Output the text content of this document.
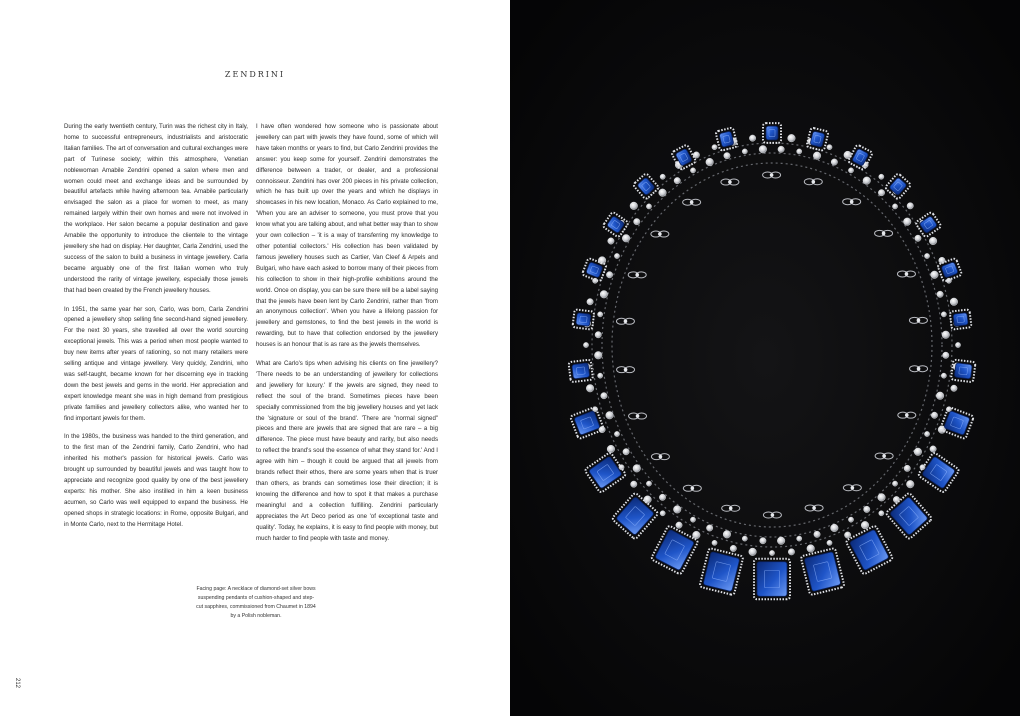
ZENDRINI

During the early twentieth century, Turin was the richest city in Italy, home to successful entrepreneurs, industrialists and aristocratic Italian families. The art of conversation and cultural exchanges were part of Turinese society; within this atmosphere, Venetian noblewoman Amabile Zendrini opened a salon where men and women could meet and exchange ideas and be surrounded by beautiful artefacts while having afternoon tea. Amabile particularly envisaged the salon as a place for women to meet, as many remained largely within their own homes and were not involved in the workplace. Her salon became a popular destination and gave Amabile the opportunity to introduce the clientele to the vintage jewellery she had on display. Her daughter, Carla Zendrini, used the success of the salon to build a business in vintage jewellery. Carla became arguably one of the first Italian women who truly understood the rarity of vintage jewellery, especially those jewels that had been created by the French jewellery houses.

In 1951, the same year her son, Carlo, was born, Carla Zendrini opened a jewellery shop selling fine second-hand signed jewellery. For the next 30 years, she travelled all over the world sourcing exceptional jewels. This was a period when most people wanted to buy new items after years of rationing, so not many retailers were selling antique and vintage jewellery. Very quickly, Zendrini, who was self-taught, became known for her discerning eye in tracking down the best jewels and gems in the world. Her appreciation and expert knowledge meant she was in high demand from prestigious private families and jewellery collectors alike, who wanted her to find important jewels for them.

In the 1980s, the business was handed to the third generation, and to the first man of the Zendrini family, Carlo Zendrini, who had inherited his mother's passion for historical jewels. Carlo was brought up surrounded by beautiful jewels and was taught how to appreciate and recognize good quality by one of the best jewellery experts: his mother. She also instilled in him a keen business acumen, so Carlo was well equipped to expand the business. He opened shops in strategic locations: in Rome, opposite Bulgari, and in Monte Carlo, next to the Hermitage Hotel.

I have often wondered how someone who is passionate about jewellery can part with jewels they have found, some of which will have taken months or years to find, but Carlo Zendrini provides the answer: you keep some for yourself. Zendrini demonstrates the difference between a trader, or dealer, and a professional connoisseur. Zendrini has over 200 pieces in his private collection, which he has built up over the years and which he displays in showcases in his new location, Monaco. As Carlo explained to me, 'When you are an adviser to someone, you must prove that you know what you are talking about, and what better way than to show your own collection – 'it is a way of transferring my knowledge to other potential collectors.' His collection has been validated by famous jewellery houses such as Cartier, Van Cleef & Arpels and Bulgari, who have each asked to borrow many of their pieces from his collection to show in their high-profile exhibitions around the world. Once on display, you can be sure there will be a label saying that the jewels have been lent by Carlo Zendrini, rather than 'from an anonymous collection'. When you have a lifelong passion for jewellery and gemstones, to find the best jewels in the world is rewarding, but to have that collection endorsed by the jewellery houses is an honour that is as rare as the jewels themselves.

What are Carlo's tips when advising his clients on fine jewellery? 'There needs to be an understanding of jewellery for collections and jewellery for luxury.' If the jewels are signed, they need to reflect the soul of the brand. Sometimes pieces have been specially commissioned from the big jewellery houses and yet lack the 'signature or soul of the brand'. 'There are "normal signed" pieces and there are jewels that are signed that are rare – a big difference. The piece must have beauty and rarity, but also needs to reflect the brand's soul the essence of what they stand for.' And I agree with him – though it could be argued that all jewels from brands reflect their ethos, there are some years when that is truer than others, as brands can sometimes lose their direction; it is knowing the difference and how to spot it that makes a purchase meaningful and a collection fulfilling. Zendrini particularly appreciates the Art Deco period as one 'of exceptional taste and quality'. Today, he explains, it is easy to find people with money, but much harder to find people with taste and money.

Facing page: A necklace of diamond-set silver bows suspending pendants of cushion-shaped and step-cut sapphires, commissioned from Chaumet in 1894 by a Polish nobleman.
212
